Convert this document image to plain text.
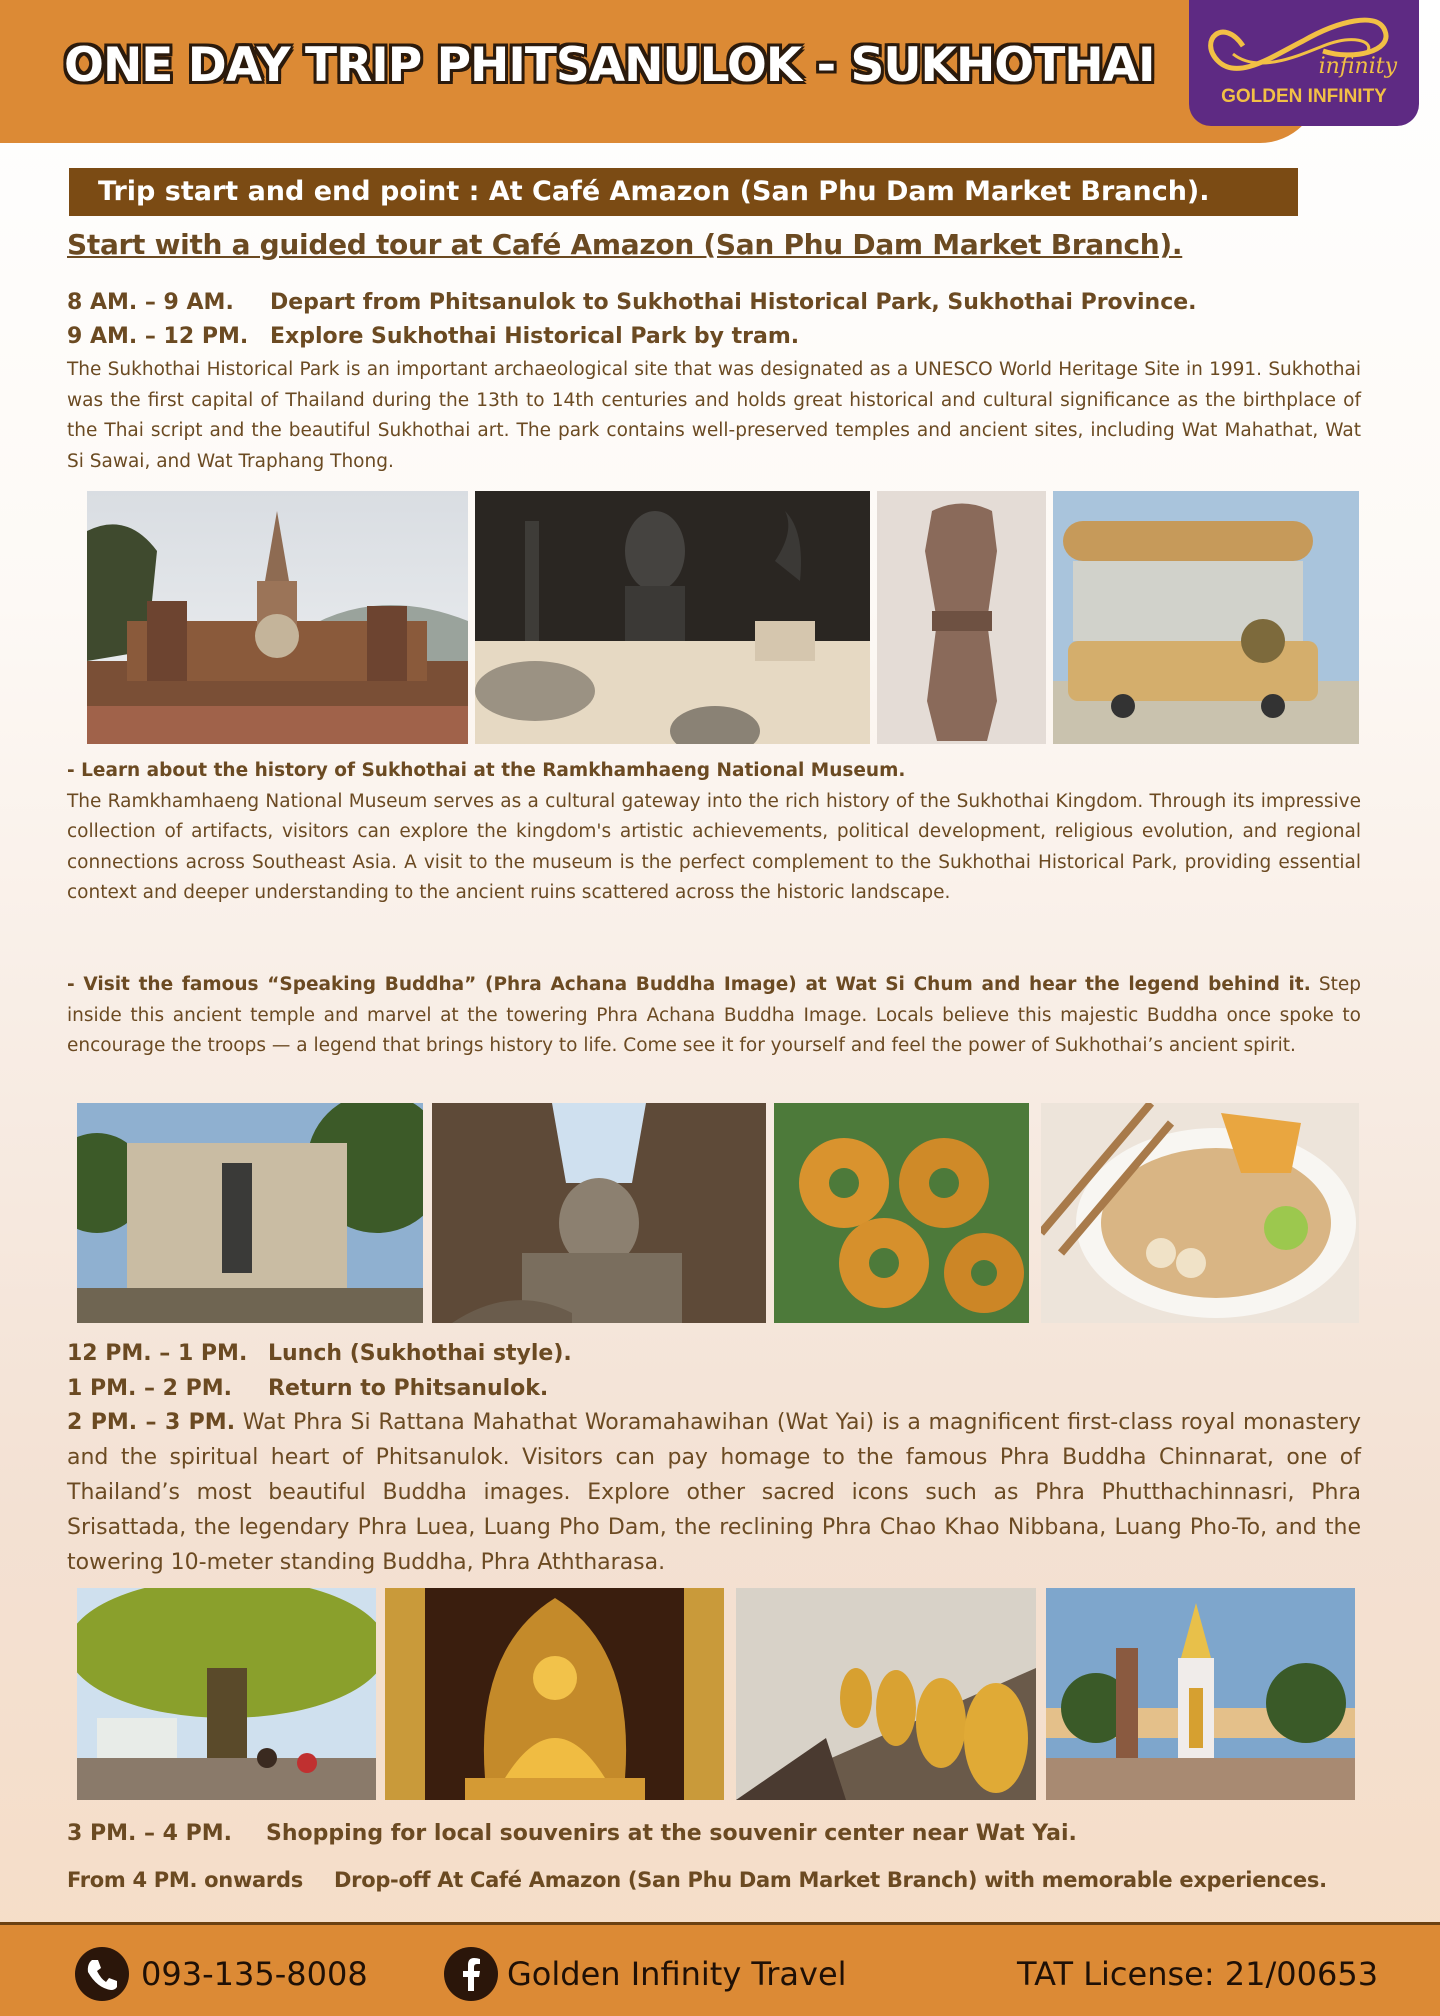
ONE DAY TRIP PHITSANULOK - SUKHOTHAI	infinity
GOLDEN INFINITY
Trip start and end point : At Café Amazon (San Phu Dam Market Branch).
Start with a guided tour at Café Amazon (San Phu Dam Market Branch).
8 AM. – 9 AM. Depart from Phitsanulok to Sukhothai Historical Park, Sukhothai Province.
9 AM. – 12 PM. Explore Sukhothai Historical Park by tram.
The Sukhothai Historical Park is an important archaeological site that was designated as a UNESCO World Heritage Site in 1991. Sukhothai was the first capital of Thailand during the 13th to 14th centuries and holds great historical and cultural significance as the birthplace of the Thai script and the beautiful Sukhothai art. The park contains well-preserved temples and ancient sites, including Wat Mahathat, Wat Si Sawai, and Wat Traphang Thong.
- Learn about the history of Sukhothai at the Ramkhamhaeng National Museum.
The Ramkhamhaeng National Museum serves as a cultural gateway into the rich history of the Sukhothai Kingdom. Through its impressive collection of artifacts, visitors can explore the kingdom's artistic achievements, political development, religious evolution, and regional connections across Southeast Asia. A visit to the museum is the perfect complement to the Sukhothai Historical Park, providing essential context and deeper understanding to the ancient ruins scattered across the historic landscape.
- Visit the famous “Speaking Buddha” (Phra Achana Buddha Image) at Wat Si Chum and hear the legend behind it. Step inside this ancient temple and marvel at the towering Phra Achana Buddha Image. Locals believe this majestic Buddha once spoke to encourage the troops — a legend that brings history to life. Come see it for yourself and feel the power of Sukhothai’s ancient spirit.
12 PM. – 1 PM. Lunch (Sukhothai style).
1 PM. – 2 PM. Return to Phitsanulok.
2 PM. – 3 PM. Wat Phra Si Rattana Mahathat Woramahawihan (Wat Yai) is a magnificent first-class royal monastery and the spiritual heart of Phitsanulok. Visitors can pay homage to the famous Phra Buddha Chinnarat, one of Thailand’s most beautiful Buddha images. Explore other sacred icons such as Phra Phutthachinnasri, Phra Srisattada, the legendary Phra Luea, Luang Pho Dam, the reclining Phra Chao Khao Nibbana, Luang Pho-To, and the towering 10-meter standing Buddha, Phra Aththarasa.
3 PM. – 4 PM. Shopping for local souvenirs at the souvenir center near Wat Yai.
From 4 PM. onwards Drop-off At Café Amazon (San Phu Dam Market Branch) with memorable experiences.
093-135-8008	Golden Infinity Travel	TAT License: 21/00653
